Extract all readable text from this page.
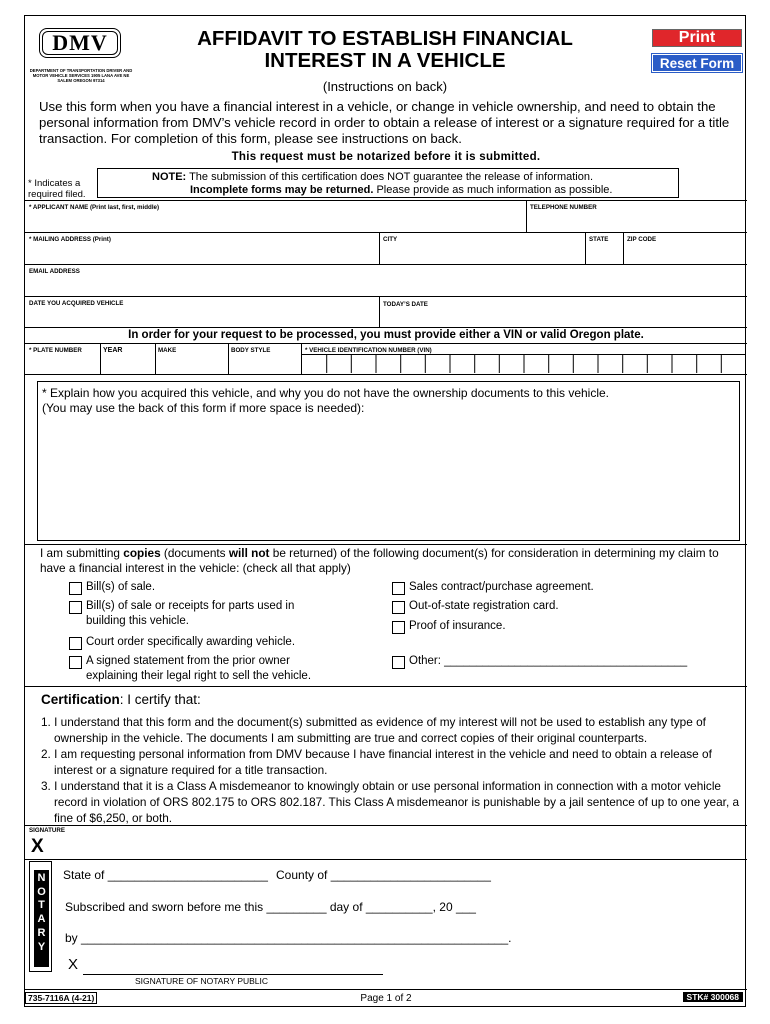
DMV
DEPARTMENT OF TRANSPORTATION DRIVER AND MOTOR VEHICLE SERVICES 1905 LANA AVE NE SALEM OREGON 97314
AFFIDAVIT TO ESTABLISH FINANCIAL
INTEREST IN A VEHICLE
(Instructions on back)
Print
Reset Form
Use this form when you have a financial interest in a vehicle, or change in vehicle ownership, and need to obtain the personal information from DMV’s vehicle record in order to obtain a release of interest or a signature required for a title transaction. For completion of this form, please see instructions on back.
This request must be notarized before it is submitted.
* Indicates a required filed.
NOTE: The submission of this certification does NOT guarantee the release of information.
Incomplete forms may be returned. Please provide as much information as possible.
* APPLICANT NAME (Print last, first, middle)	TELEPHONE NUMBER
* MAILING ADDRESS (Print)	CITY	STATE	ZIP CODE
EMAIL ADDRESS
DATE YOU ACQUIRED VEHICLE	TODAY’S DATE
In order for your request to be processed, you must provide either a VIN or valid Oregon plate.
* PLATE NUMBER	YEAR	MAKE	BODY STYLE	* VEHICLE IDENTIFICATION NUMBER (VIN)
* Explain how you acquired this vehicle, and why you do not have the ownership documents to this vehicle.
(You may use the back of this form if more space is needed):
I am submitting copies (documents will not be returned) of the following document(s) for consideration in determining my claim to have a financial interest in the vehicle: (check all that apply)
Bill(s) of sale.
Bill(s) of sale or receipts for parts used in building this vehicle.
Court order specifically awarding vehicle.
A signed statement from the prior owner explaining their legal right to sell the vehicle.
Sales contract/purchase agreement.
Out-of-state registration card.
Proof of insurance.
Other: ______________________________________
Certification: I certify that:
1. I understand that this form and the document(s) submitted as evidence of my interest will not be used to establish any type of ownership in the vehicle. The documents I am submitting are true and correct copies of their original counterparts.
2. I am requesting personal information from DMV because I have financial interest in the vehicle and need to obtain a release of interest or a signature required for a title transaction.
3. I understand that it is a Class A misdemeanor to knowingly obtain or use personal information in connection with a motor vehicle record in violation of ORS 802.175 to ORS 802.187. This Class A misdemeanor is punishable by a jail sentence of up to one year, a fine of $6,250, or both.
SIGNATURE
X
N
O
T
A
R
Y
State of ________________________ County of ________________________
Subscribed and sworn before me this _________ day of __________, 20 ___
by ________________________________________________________________.
X
SIGNATURE OF NOTARY PUBLIC
735-7116A (4-21)	Page 1 of 2	STK# 300068
